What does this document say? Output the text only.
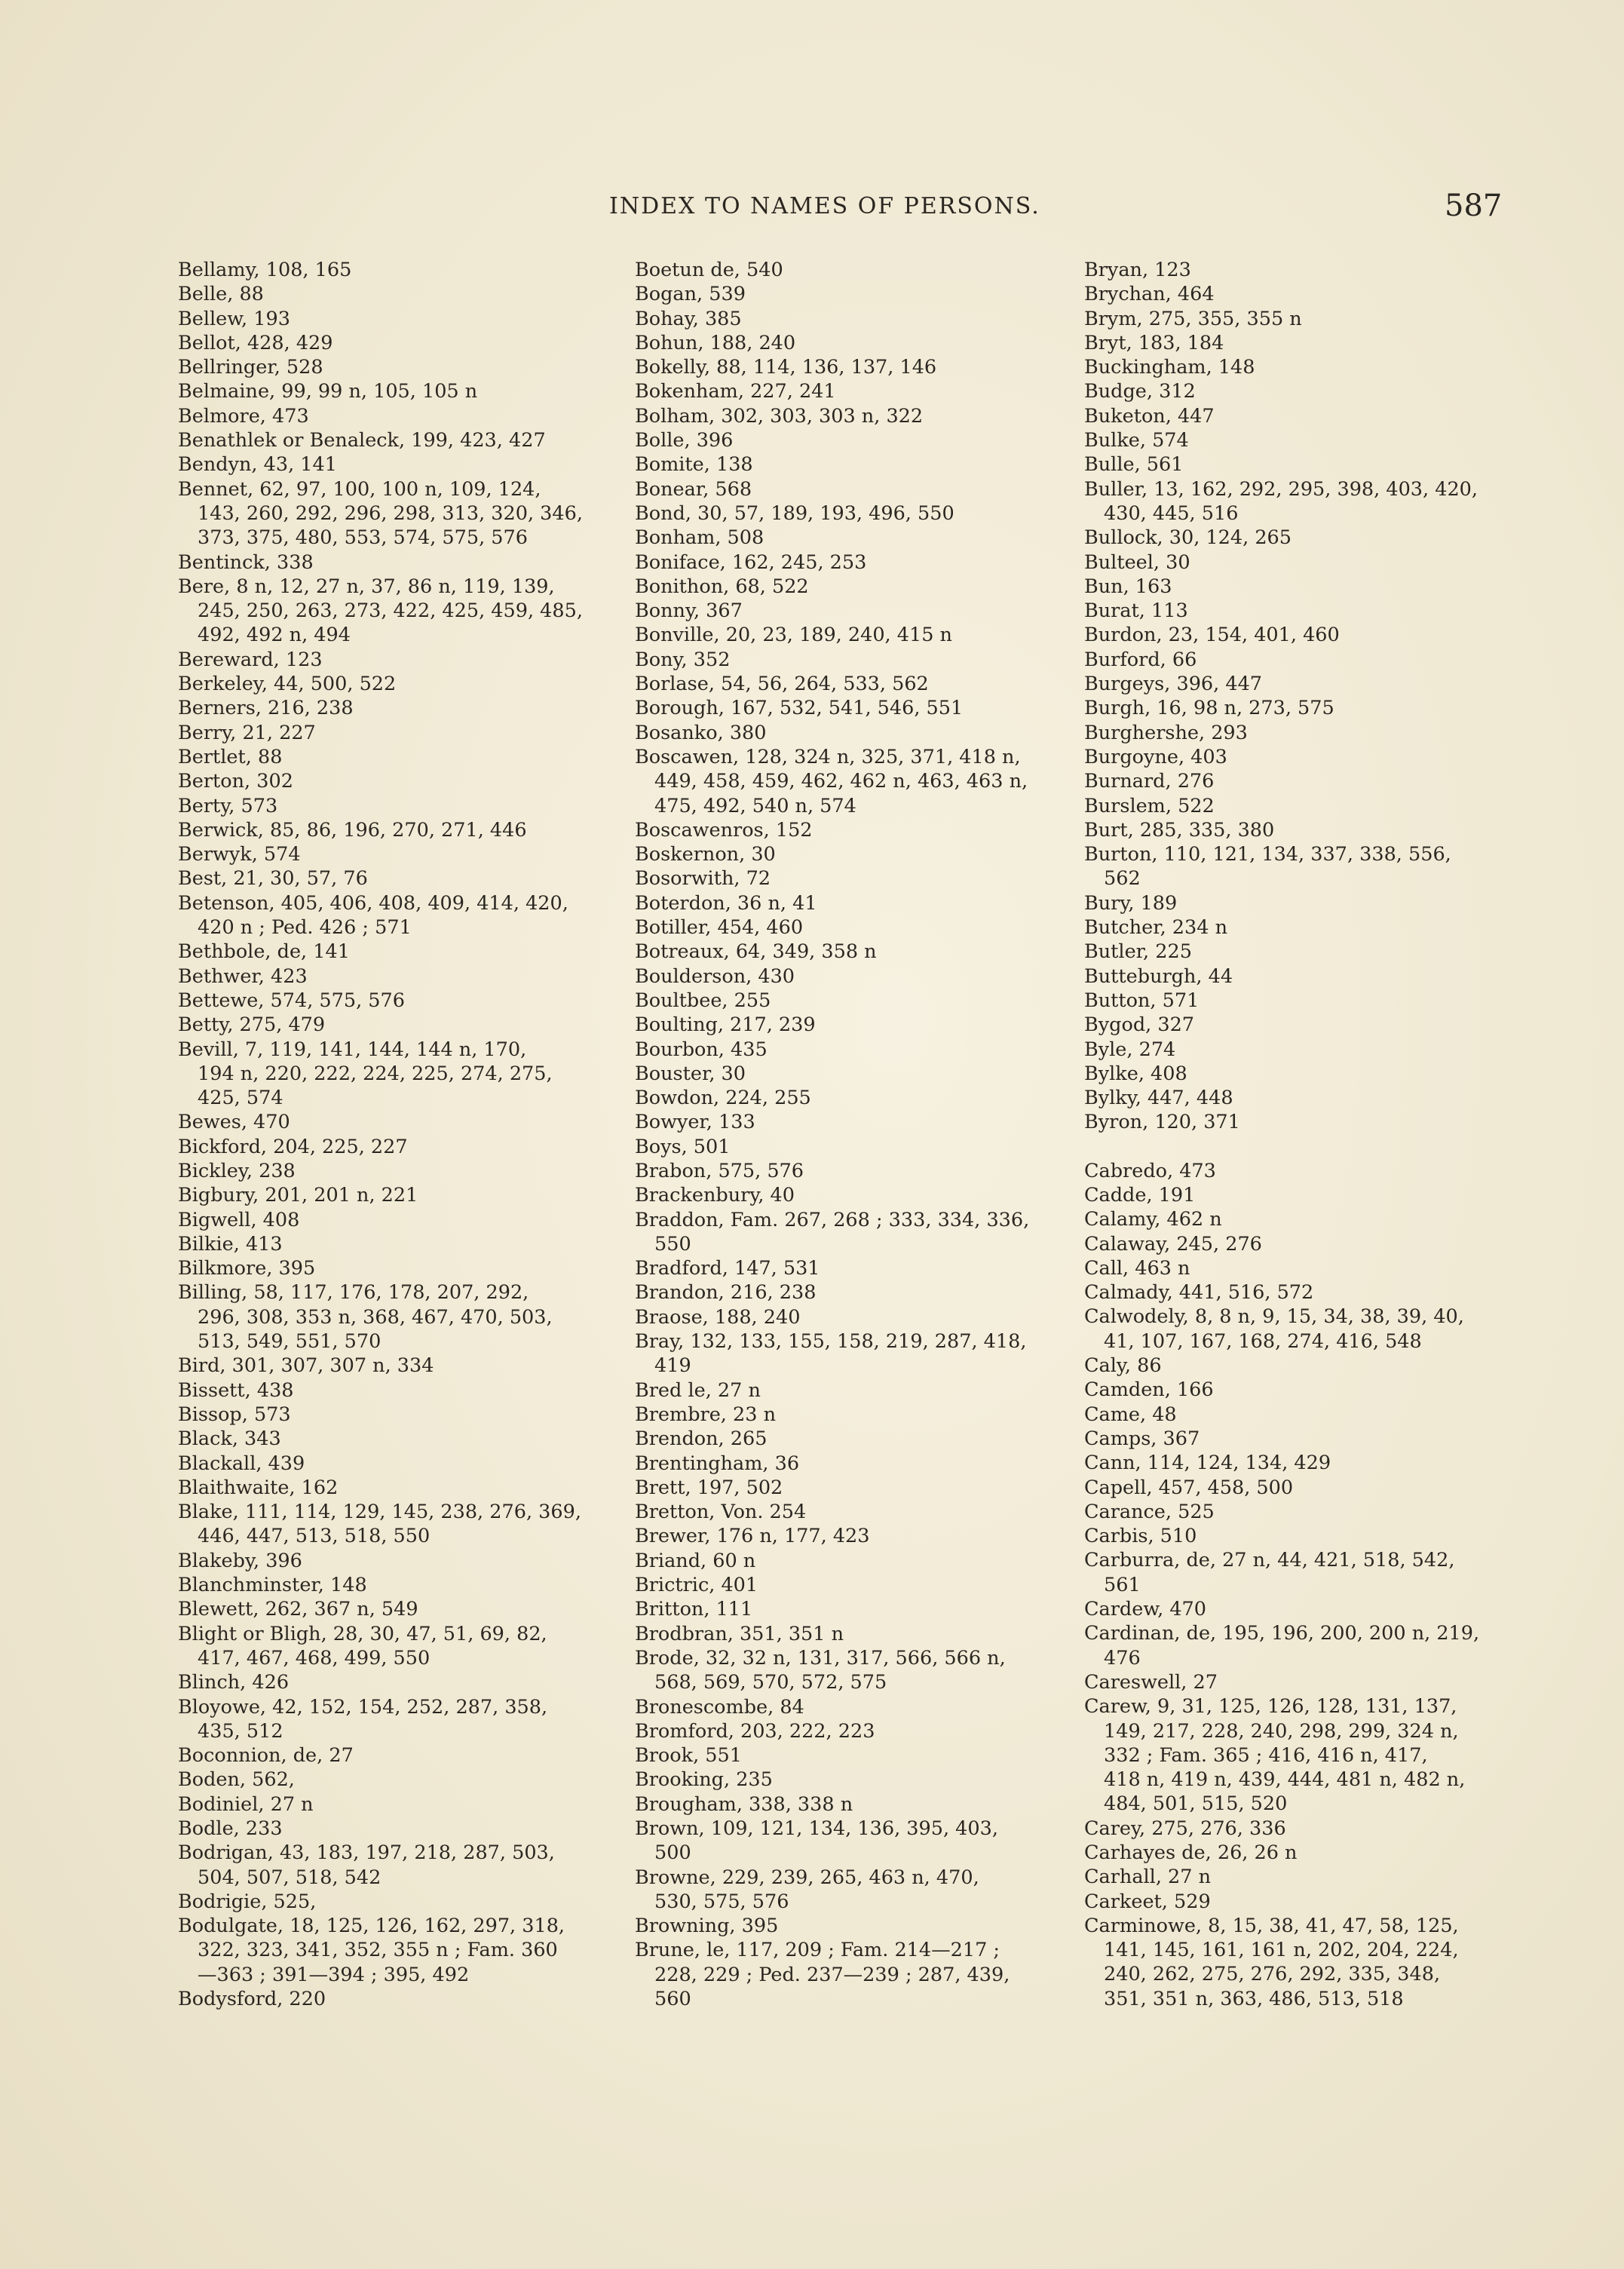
INDEX TO NAMES OF PERSONS.	587
Bellamy, 108, 165
Belle, 88
Bellew, 193
Bellot, 428, 429
Bellringer, 528
Belmaine, 99, 99 n, 105, 105 n
Belmore, 473
Benathlek or Benaleck, 199, 423, 427
Bendyn, 43, 141
Bennet, 62, 97, 100, 100 n, 109, 124,
143, 260, 292, 296, 298, 313, 320, 346,
373, 375, 480, 553, 574, 575, 576
Bentinck, 338
Bere, 8 n, 12, 27 n, 37, 86 n, 119, 139,
245, 250, 263, 273, 422, 425, 459, 485,
492, 492 n, 494
Bereward, 123
Berkeley, 44, 500, 522
Berners, 216, 238
Berry, 21, 227
Bertlet, 88
Berton, 302
Berty, 573
Berwick, 85, 86, 196, 270, 271, 446
Berwyk, 574
Best, 21, 30, 57, 76
Betenson, 405, 406, 408, 409, 414, 420,
420 n ; Ped. 426 ; 571
Bethbole, de, 141
Bethwer, 423
Bettewe, 574, 575, 576
Betty, 275, 479
Bevill, 7, 119, 141, 144, 144 n, 170,
194 n, 220, 222, 224, 225, 274, 275,
425, 574
Bewes, 470
Bickford, 204, 225, 227
Bickley, 238
Bigbury, 201, 201 n, 221
Bigwell, 408
Bilkie, 413
Bilkmore, 395
Billing, 58, 117, 176, 178, 207, 292,
296, 308, 353 n, 368, 467, 470, 503,
513, 549, 551, 570
Bird, 301, 307, 307 n, 334
Bissett, 438
Bissop, 573
Black, 343
Blackall, 439
Blaithwaite, 162
Blake, 111, 114, 129, 145, 238, 276, 369,
446, 447, 513, 518, 550
Blakeby, 396
Blanchminster, 148
Blewett, 262, 367 n, 549
Blight or Bligh, 28, 30, 47, 51, 69, 82,
417, 467, 468, 499, 550
Blinch, 426
Bloyowe, 42, 152, 154, 252, 287, 358,
435, 512
Boconnion, de, 27
Boden, 562,
Bodiniel, 27 n
Bodle, 233
Bodrigan, 43, 183, 197, 218, 287, 503,
504, 507, 518, 542
Bodrigie, 525,
Bodulgate, 18, 125, 126, 162, 297, 318,
322, 323, 341, 352, 355 n ; Fam. 360
—363 ; 391—394 ; 395, 492
Bodysford, 220
Boetun de, 540
Bogan, 539
Bohay, 385
Bohun, 188, 240
Bokelly, 88, 114, 136, 137, 146
Bokenham, 227, 241
Bolham, 302, 303, 303 n, 322
Bolle, 396
Bomite, 138
Bonear, 568
Bond, 30, 57, 189, 193, 496, 550
Bonham, 508
Boniface, 162, 245, 253
Bonithon, 68, 522
Bonny, 367
Bonville, 20, 23, 189, 240, 415 n
Bony, 352
Borlase, 54, 56, 264, 533, 562
Borough, 167, 532, 541, 546, 551
Bosanko, 380
Boscawen, 128, 324 n, 325, 371, 418 n,
449, 458, 459, 462, 462 n, 463, 463 n,
475, 492, 540 n, 574
Boscawenros, 152
Boskernon, 30
Bosorwith, 72
Boterdon, 36 n, 41
Botiller, 454, 460
Botreaux, 64, 349, 358 n
Boulderson, 430
Boultbee, 255
Boulting, 217, 239
Bourbon, 435
Bouster, 30
Bowdon, 224, 255
Bowyer, 133
Boys, 501
Brabon, 575, 576
Brackenbury, 40
Braddon, Fam. 267, 268 ; 333, 334, 336,
550
Bradford, 147, 531
Brandon, 216, 238
Braose, 188, 240
Bray, 132, 133, 155, 158, 219, 287, 418,
419
Bred le, 27 n
Brembre, 23 n
Brendon, 265
Brentingham, 36
Brett, 197, 502
Bretton, Von. 254
Brewer, 176 n, 177, 423
Briand, 60 n
Brictric, 401
Britton, 111
Brodbran, 351, 351 n
Brode, 32, 32 n, 131, 317, 566, 566 n,
568, 569, 570, 572, 575
Bronescombe, 84
Bromford, 203, 222, 223
Brook, 551
Brooking, 235
Brougham, 338, 338 n
Brown, 109, 121, 134, 136, 395, 403,
500
Browne, 229, 239, 265, 463 n, 470,
530, 575, 576
Browning, 395
Brune, le, 117, 209 ; Fam. 214—217 ;
228, 229 ; Ped. 237—239 ; 287, 439,
560
Bryan, 123
Brychan, 464
Brym, 275, 355, 355 n
Bryt, 183, 184
Buckingham, 148
Budge, 312
Buketon, 447
Bulke, 574
Bulle, 561
Buller, 13, 162, 292, 295, 398, 403, 420,
430, 445, 516
Bullock, 30, 124, 265
Bulteel, 30
Bun, 163
Burat, 113
Burdon, 23, 154, 401, 460
Burford, 66
Burgeys, 396, 447
Burgh, 16, 98 n, 273, 575
Burghershe, 293
Burgoyne, 403
Burnard, 276
Burslem, 522
Burt, 285, 335, 380
Burton, 110, 121, 134, 337, 338, 556,
562
Bury, 189
Butcher, 234 n
Butler, 225
Butteburgh, 44
Button, 571
Bygod, 327
Byle, 274
Bylke, 408
Bylky, 447, 448
Byron, 120, 371
Cabredo, 473
Cadde, 191
Calamy, 462 n
Calaway, 245, 276
Call, 463 n
Calmady, 441, 516, 572
Calwodely, 8, 8 n, 9, 15, 34, 38, 39, 40,
41, 107, 167, 168, 274, 416, 548
Caly, 86
Camden, 166
Came, 48
Camps, 367
Cann, 114, 124, 134, 429
Capell, 457, 458, 500
Carance, 525
Carbis, 510
Carburra, de, 27 n, 44, 421, 518, 542,
561
Cardew, 470
Cardinan, de, 195, 196, 200, 200 n, 219,
476
Careswell, 27
Carew, 9, 31, 125, 126, 128, 131, 137,
149, 217, 228, 240, 298, 299, 324 n,
332 ; Fam. 365 ; 416, 416 n, 417,
418 n, 419 n, 439, 444, 481 n, 482 n,
484, 501, 515, 520
Carey, 275, 276, 336
Carhayes de, 26, 26 n
Carhall, 27 n
Carkeet, 529
Carminowe, 8, 15, 38, 41, 47, 58, 125,
141, 145, 161, 161 n, 202, 204, 224,
240, 262, 275, 276, 292, 335, 348,
351, 351 n, 363, 486, 513, 518
